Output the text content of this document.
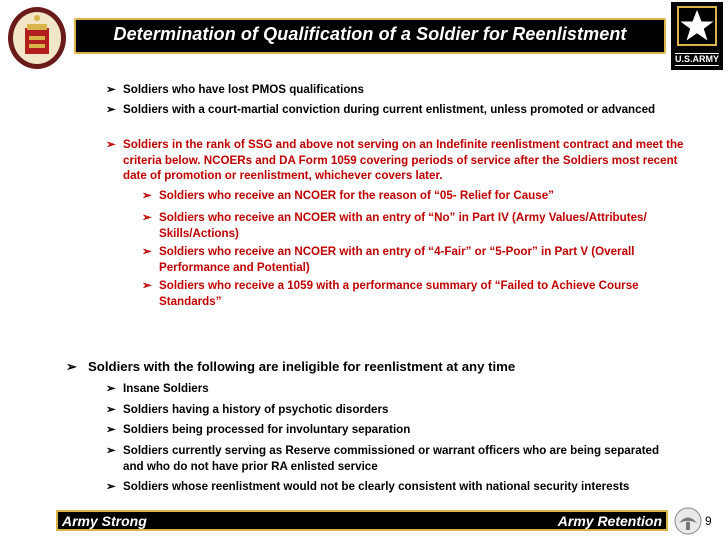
Determination of Qualification of a Soldier for Reenlistment
U.S.ARMY
➢ Soldiers who have lost PMOS qualifications
➢ Soldiers with a court-martial conviction during current enlistment, unless promoted or advanced
➢ Soldiers in the rank of SSG and above not serving on an Indefinite reenlistment contract and meet the criteria below. NCOERs and DA Form 1059 covering periods of service after the Soldiers most recent date of promotion or reenlistment, whichever covers later.
➢ Soldiers who receive an NCOER for the reason of “05- Relief for Cause”
➢ Soldiers who receive an NCOER with an entry of “No” in Part IV (Army Values/Attributes/ Skills/Actions)
➢ Soldiers who receive an NCOER with an entry of “4-Fair” or “5-Poor” in Part V (Overall Performance and Potential)
➢ Soldiers who receive a 1059 with a performance summary of “Failed to Achieve Course Standards”
➢ Soldiers with the following are ineligible for reenlistment at any time
➢ Insane Soldiers
➢ Soldiers having a history of psychotic disorders
➢ Soldiers being processed for involuntary separation
➢ Soldiers currently serving as Reserve commissioned or warrant officers who are being separated and who do not have prior RA enlisted service
➢ Soldiers whose reenlistment would not be clearly consistent with national security interests
Army Strong	Army Retention	9
